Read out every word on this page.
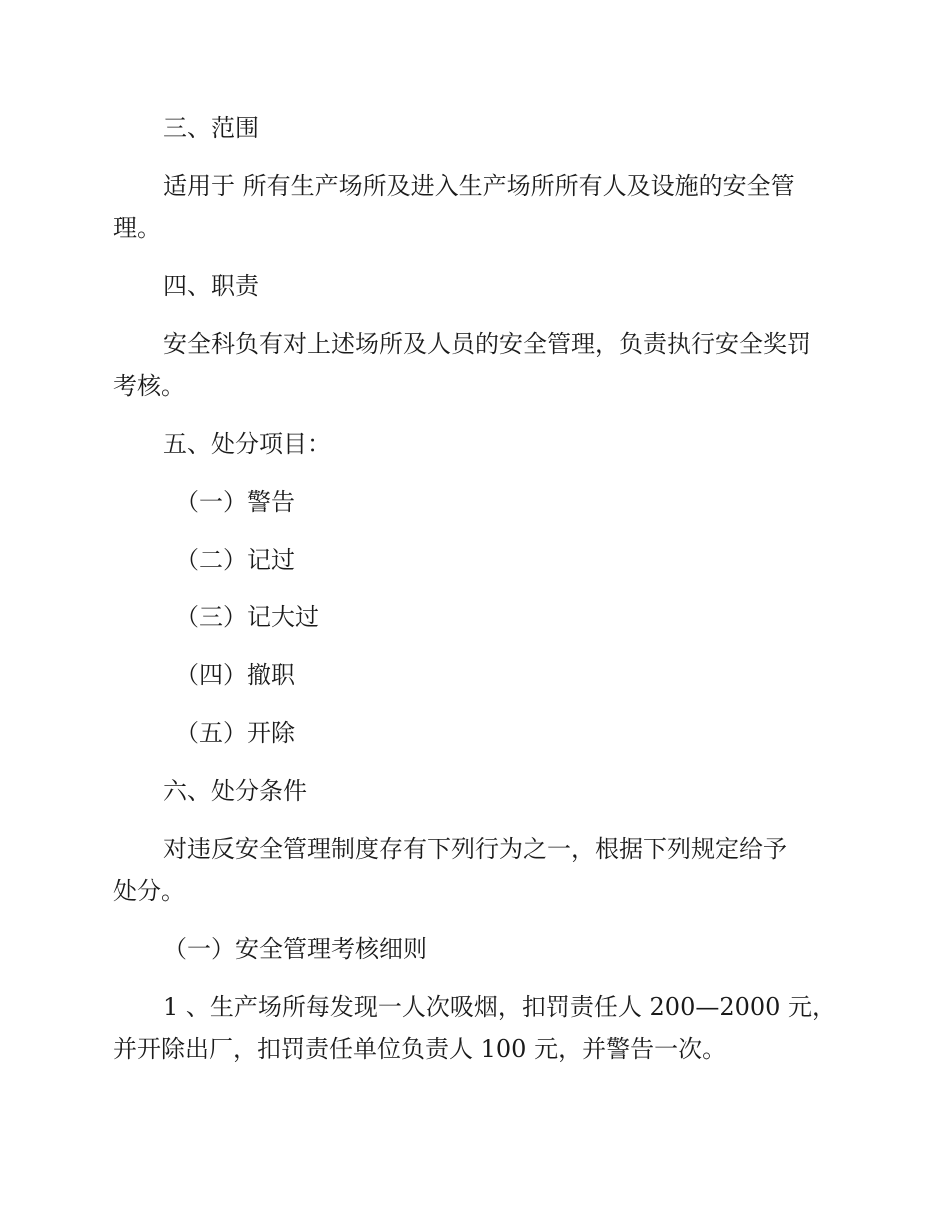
三、范围
适用于 所有生产场所及进入生产场所所有人及设施的安全管
理。
四、职责
安全科负有对上述场所及人员的安全管理，负责执行安全奖罚
考核。
五、处分项目：
（一）警告
（二）记过
（三）记大过
（四）撤职
（五）开除
六、处分条件
对违反安全管理制度存有下列行为之一，根据下列规定给予
处分。
（一）安全管理考核细则
1 、生产场所每发现一人次吸烟，扣罚责任人 200—2000 元，
并开除出厂，扣罚责任单位负责人 100 元，并警告一次。
